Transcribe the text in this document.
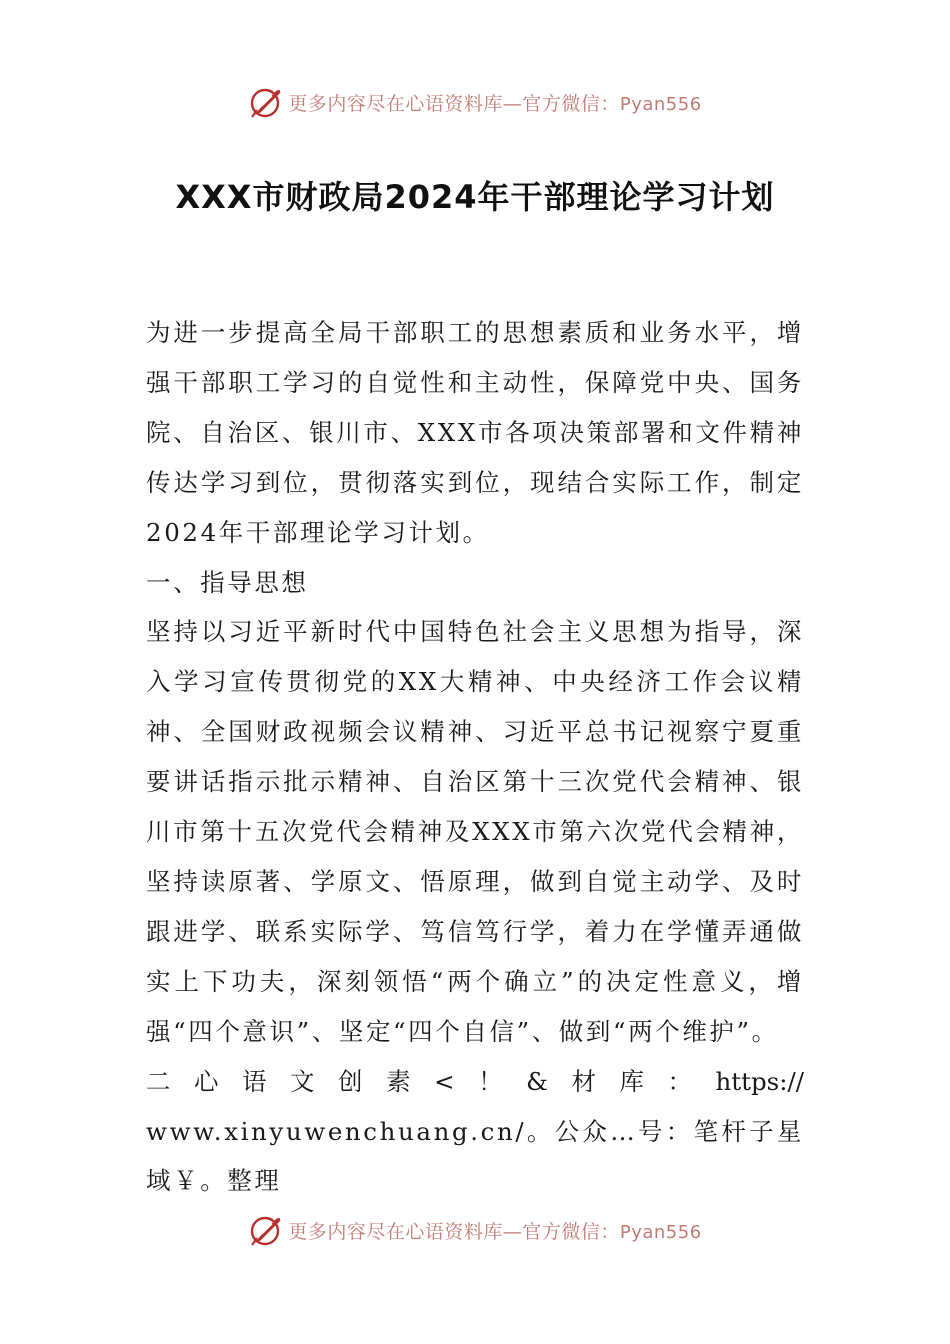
更多内容尽在心语资料库—官方微信：Pyan556
XXX市财政局2024年干部理论学习计划

为进一步提高全局干部职工的思想素质和业务水平，增强干部职工学习的自觉性和主动性，保障党中央、国务院、自治区、银川市、XXX市各项决策部署和文件精神传达学习到位，贯彻落实到位，现结合实际工作，制定2024年干部理论学习计划。

一、指导思想

坚持以习近平新时代中国特色社会主义思想为指导，深入学习宣传贯彻党的XX大精神、中央经济工作会议精神、全国财政视频会议精神、习近平总书记视察宁夏重要讲话指示批示精神、自治区第十三次党代会精神、银川市第十五次党代会精神及XXX市第六次党代会精神，坚持读原著、学原文、悟原理，做到自觉主动学、及时跟进学、联系实际学、笃信笃行学，着力在学懂弄通做实上下功夫，深刻领悟“两个确立”的决定性意义，增强“四个意识”、坚定“四个自信”、做到“两个维护”。

二心语文创素<！&材库：https://

www.xinyuwenchuang.cn/。公众…号：笔杆子星域￥。整理

更多内容尽在心语资料库—官方微信：Pyan556
